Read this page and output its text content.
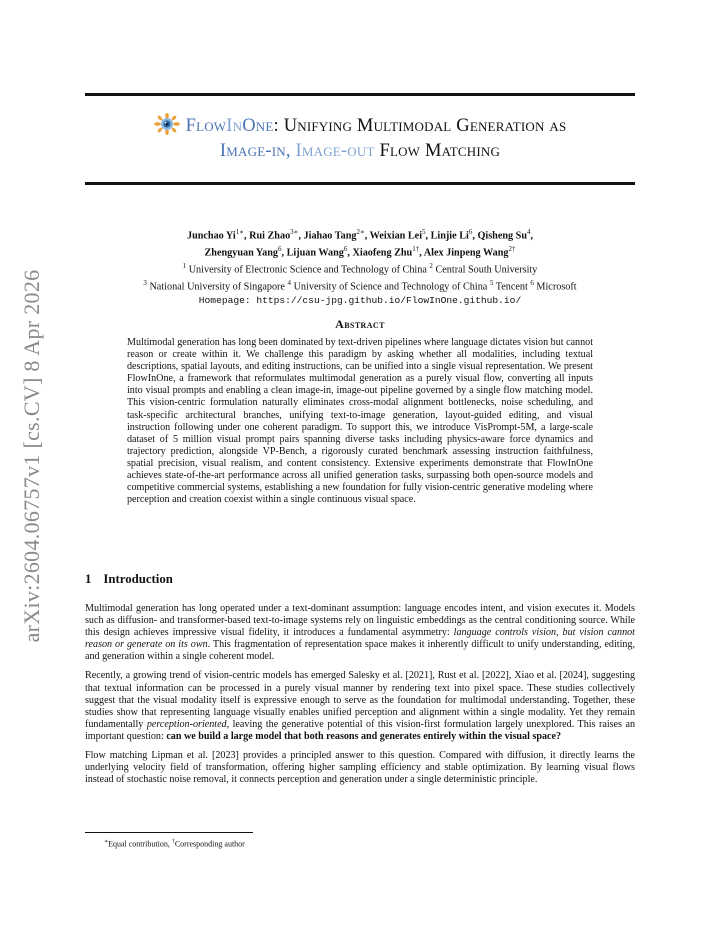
arXiv:2604.06757v1 [cs.CV] 8 Apr 2026
FlowInOne: Unifying Multimodal Generation as
Image-in, Image-out Flow Matching
Junchao $Yi^{1∗}$, Rui Zhao$^{3∗}$, Jiahao Tang$^{2∗}$, Weixian Lei$^5$, Linjie Li$^6$, Qisheng Su$^4$,
Zhengyuan Yang$^6$, Lijuan Wang$^6$, Xiaofeng Zhu$^{1\dagger}$, Alex Jinpeng Wang$^{2\dagger}$
$^1$ University of Electronic Science and Technology of China $^2$ Central South University
$^3$ National University of Singapore $^4$ University of Science and Technology of China $^5$ Tencent $^6$ Microsoft
Homepage: https://csu-jpg.github.io/FlowInOne.github.io/
Abstract
Multimodal generation has long been dominated by text-driven pipelines where language dictates vision but cannot reason or create within it. We challenge this paradigm by asking whether all modalities, including textual descriptions, spatial layouts, and editing instructions, can be unified into a single visual representation. We present FlowInOne, a framework that reformulates multimodal generation as a purely visual flow, converting all inputs into visual prompts and enabling a clean image-in, image-out pipeline governed by a single flow matching model. This vision-centric formulation naturally eliminates cross-modal alignment bottlenecks, noise scheduling, and task-specific architectural branches, unifying text-to-image generation, layout-guided editing, and visual instruction following under one coherent paradigm. To support this, we introduce VisPrompt-5M, a large-scale dataset of 5 million visual prompt pairs spanning diverse tasks including physics-aware force dynamics and trajectory prediction, alongside VP-Bench, a rigorously curated benchmark assessing instruction faithfulness, spatial precision, visual realism, and content consistency. Extensive experiments demonstrate that FlowInOne achieves state-of-the-art performance across all unified generation tasks, surpassing both open-source models and competitive commercial systems, establishing a new foundation for fully vision-centric generative modeling where perception and creation coexist within a single continuous visual space.
1 Introduction

Multimodal generation has long operated under a text-dominant assumption: language encodes intent, and vision executes it. Models such as diffusion- and transformer-based text-to-image systems rely on linguistic embeddings as the central conditioning source. While this design achieves impressive visual fidelity, it introduces a fundamental asymmetry: language controls vision, but vision cannot reason or generate on its own. This fragmentation of representation space makes it inherently difficult to unify understanding, editing, and generation within a single coherent model.

Recently, a growing trend of vision-centric models has emerged Salesky et al. [2021], Rust et al. [2022], Xiao et al. [2024], suggesting that textual information can be processed in a purely visual manner by rendering text into pixel space. These studies collectively suggest that the visual modality itself is expressive enough to serve as the foundation for multimodal understanding. Together, these studies show that representing language visually enables unified perception and alignment within a single modality. Yet they remain fundamentally perception-oriented, leaving the generative potential of this vision-first formulation largely unexplored. This raises an important question: can we build a large model that both reasons and generates entirely within the visual space?

Flow matching Lipman et al. [2023] provides a principled answer to this question. Compared with diffusion, it directly learns the underlying velocity field of transformation, offering higher sampling efficiency and stable optimization. By learning visual flows instead of stochastic noise removal, it connects perception and generation under a single deterministic principle.

∗Equal contribution, †Corresponding author
